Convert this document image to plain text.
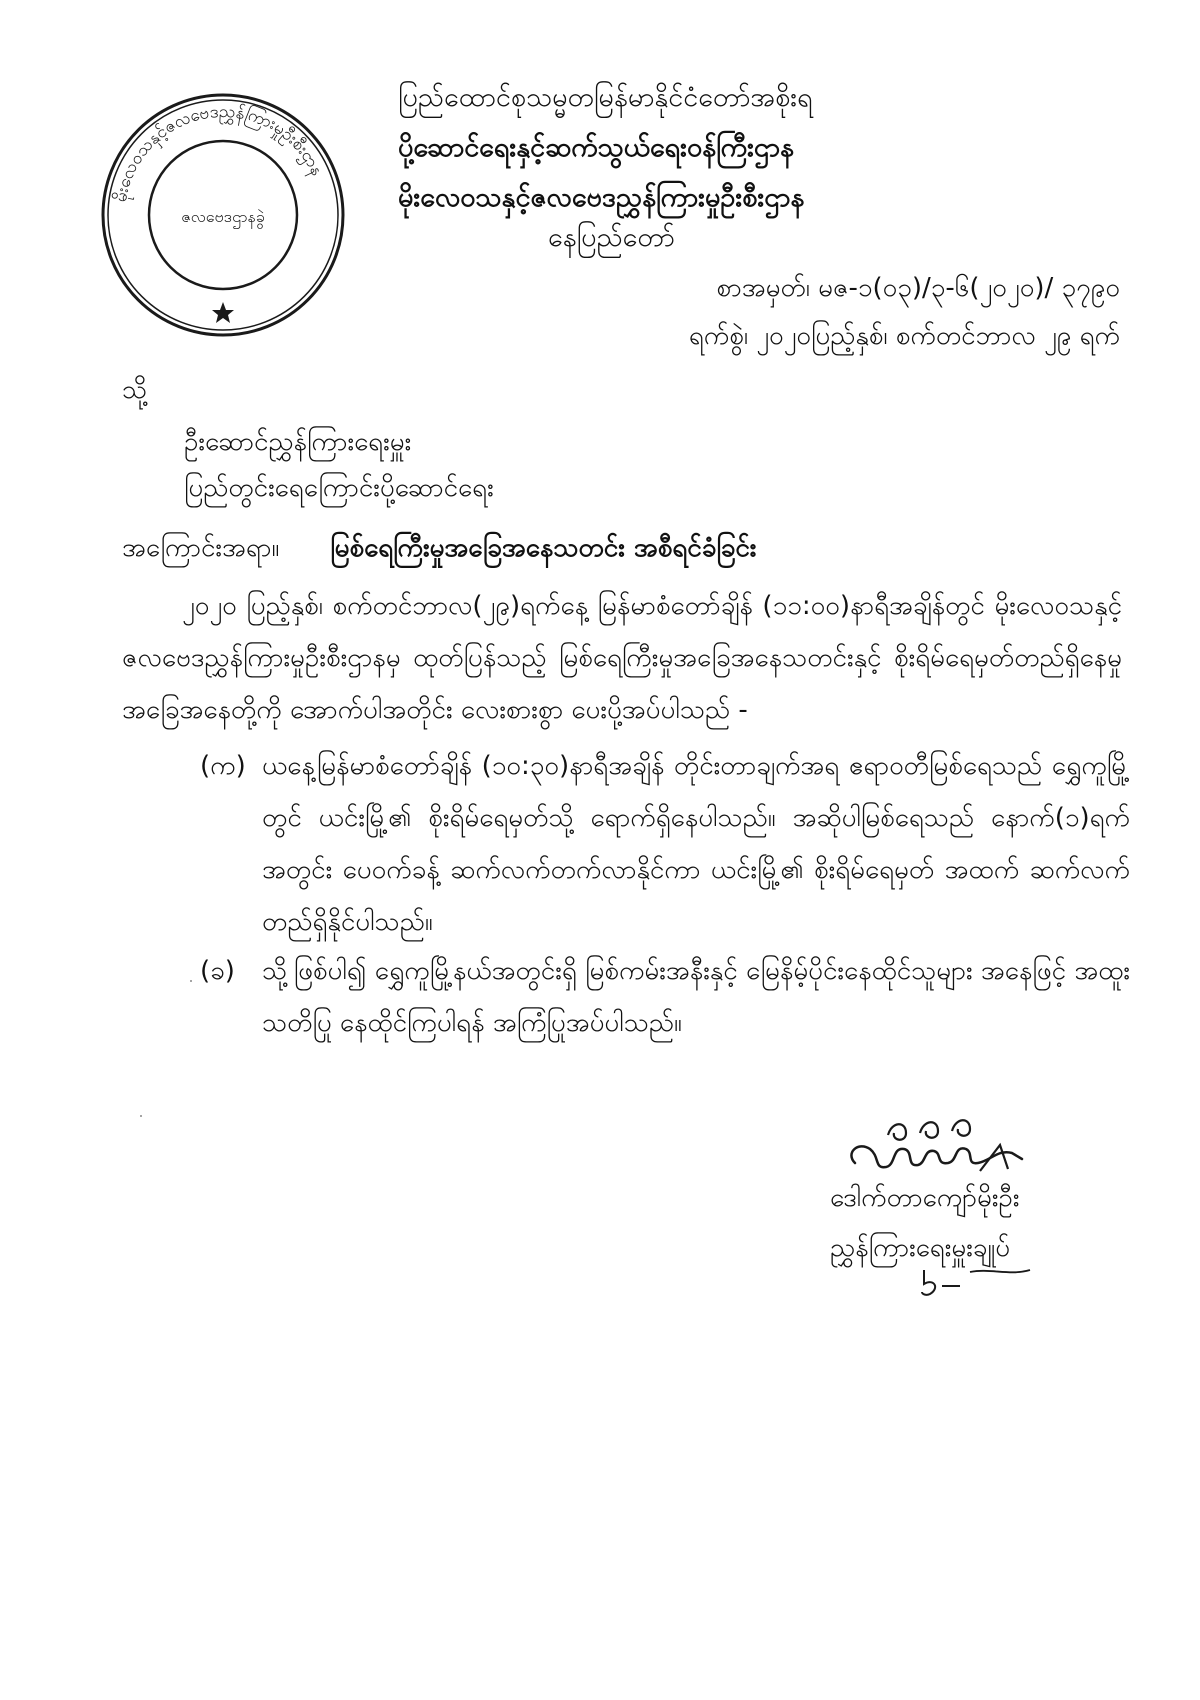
မိုးလေဝသနှင့်ဇလဗေဒညွှန်ကြားမှုဦးစီးဌာန
ဇလဗေဒဌာနခွဲ
ပြည်ထောင်စုသမ္မတမြန်မာနိုင်ငံတော်အစိုးရ
ပို့ဆောင်ရေးနှင့်ဆက်သွယ်ရေးဝန်ကြီးဌာန
မိုးလေဝသနှင့်ဇလဗေဒညွှန်ကြားမှုဦးစီးဌာန
နေပြည်တော်
စာအမှတ်၊ မဇ-၁(၀၃)/၃-၆(၂၀၂၀)/ ၃၇၉၀
ရက်စွဲ၊ ၂၀၂၀ပြည့်နှစ်၊ စက်တင်ဘာလ ၂၉ ရက်
သို့
ဦးဆောင်ညွှန်ကြားရေးမှူး
ပြည်တွင်းရေကြောင်းပို့ဆောင်ရေး
အကြောင်းအရာ။ မြစ်ရေကြီးမှုအခြေအနေသတင်း အစီရင်ခံခြင်း
၂၀၂၀ ပြည့်နှစ်၊ စက်တင်ဘာလ(၂၉)ရက်နေ့ မြန်မာစံတော်ချိန် (၁၁:၀၀)နာရီအချိန်တွင် မိုးလေဝသနှင့် ဇလဗေဒညွှန်ကြားမှုဦးစီးဌာနမှ ထုတ်ပြန်သည့် မြစ်ရေကြီးမှုအခြေအနေသတင်းနှင့် စိုးရိမ်ရေမှတ်တည်ရှိနေမှု အခြေအနေတို့ကို အောက်ပါအတိုင်း လေးစားစွာ ပေးပို့အပ်ပါသည် -
(က) ယနေ့မြန်မာစံတော်ချိန် (၁၀:၃၀)နာရီအချိန် တိုင်းတာချက်အရ ဧရာဝတီမြစ်ရေသည် ရွှေကူမြို့တွင် ယင်းမြို့၏ စိုးရိမ်ရေမှတ်သို့ ရောက်ရှိနေပါသည်။ အဆိုပါမြစ်ရေသည် နောက်(၁)ရက်အတွင်း ပေ၀က်ခန့် ဆက်လက်တက်လာနိုင်ကာ ယင်းမြို့၏ စိုးရိမ်ရေမှတ် အထက် ဆက်လက်တည်ရှိနိုင်ပါသည်။
(ခ)	သို့ဖြစ်ပါ၍ ရွှေကူမြို့နယ်အတွင်းရှိ မြစ်ကမ်းအနီးနှင့် မြေနိမ့်ပိုင်းနေထိုင်သူများ အနေဖြင့် အထူးသတိပြု နေထိုင်ကြပါရန် အကြံပြုအပ်ပါသည်။
ဒေါက်တာကျော်မိုးဦး
ညွှန်ကြားရေးမှူးချုပ်
